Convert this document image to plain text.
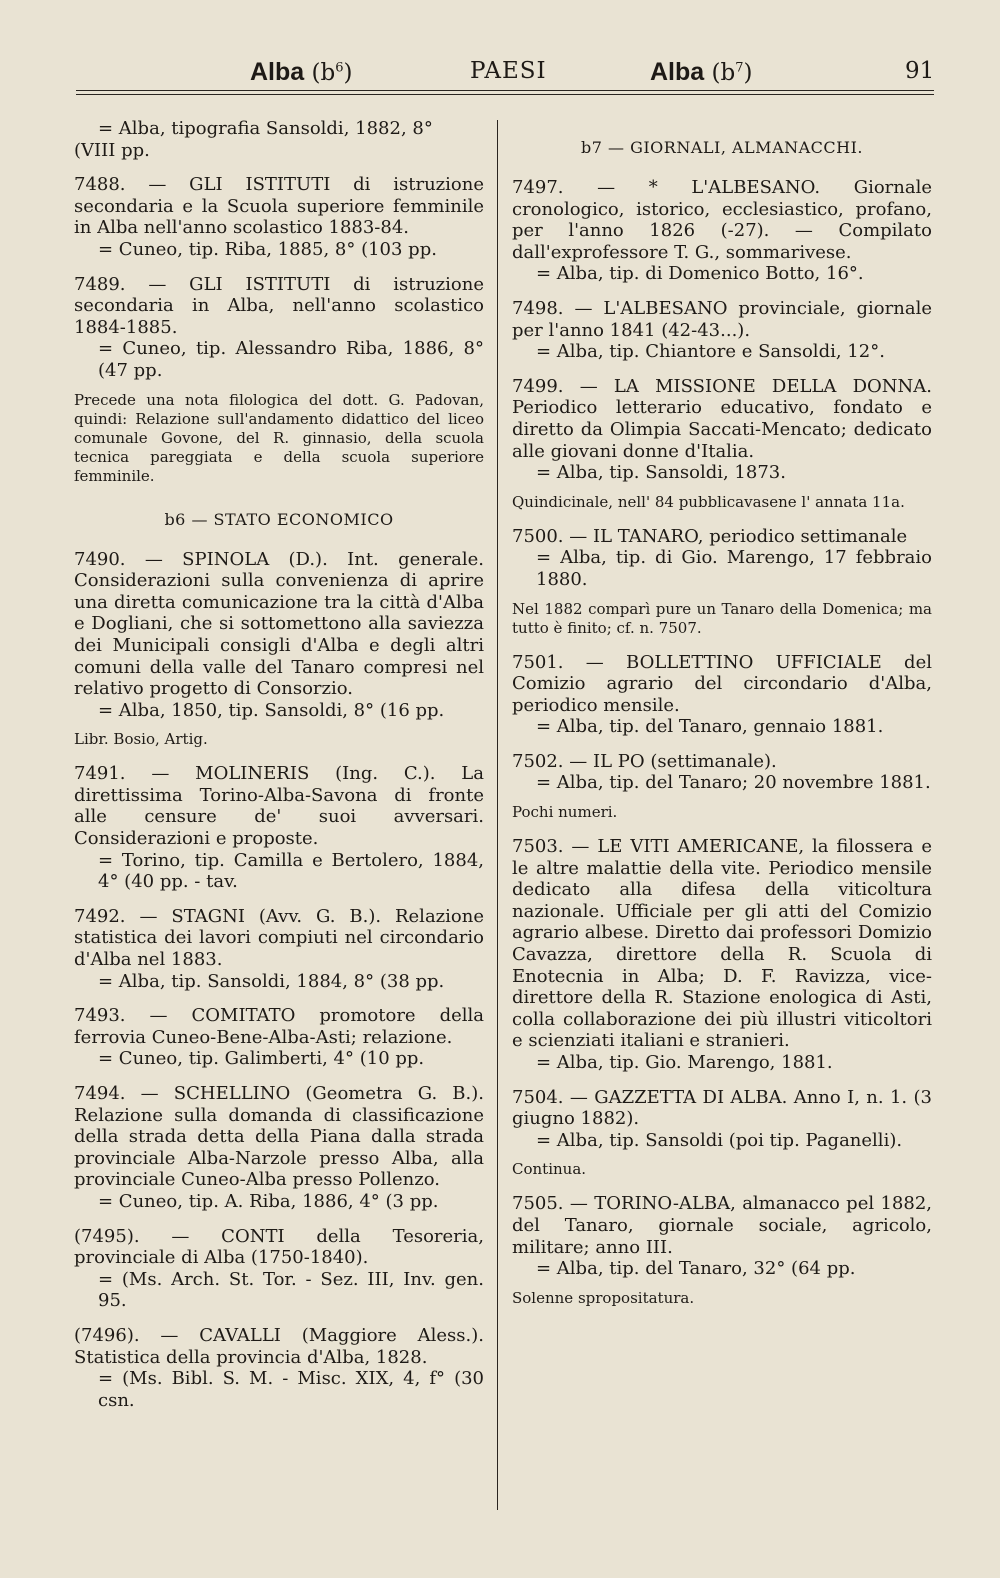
Alba $(b^6)$	PAESI	Alba $(b^7)$	91
= Alba, tipografia Sansoldi, 1882, 8°
(VIII pp.
7488. — GLI ISTITUTI di istruzione secondaria e la Scuola superiore femminile in Alba nell'anno scolastico 1883-84.
= Cuneo, tip. Riba, 1885, 8° (103 pp.
7489. — GLI ISTITUTI di istruzione secondaria in Alba, nell'anno scolastico 1884-1885.
= Cuneo, tip. Alessandro Riba, 1886, 8° (47 pp.
Precede una nota filologica del dott. G. Padovan, quindi: Relazione sull'andamento didattico del liceo comunale Govone, del R. ginnasio, della scuola tecnica pareggiata e della scuola superiore femminile.
b6 — STATO ECONOMICO
7490. — SPINOLA (D.). Int. generale. Considerazioni sulla convenienza di aprire una diretta comunicazione tra la città d'Alba e Dogliani, che si sottomettono alla saviezza dei Municipali consigli d'Alba e degli altri comuni della valle del Tanaro compresi nel relativo progetto di Consorzio.
= Alba, 1850, tip. Sansoldi, 8° (16 pp.
Libr. Bosio, Artig.
7491. — MOLINERIS (Ing. C.). La direttissima Torino-Alba-Savona di fronte alle censure de' suoi avversari. Considerazioni e proposte.
= Torino, tip. Camilla e Bertolero, 1884, 4° (40 pp. - tav.
7492. — STAGNI (Avv. G. B.). Relazione statistica dei lavori compiuti nel circondario d'Alba nel 1883.
= Alba, tip. Sansoldi, 1884, 8° (38 pp.
7493. — COMITATO promotore della ferrovia Cuneo-Bene-Alba-Asti; relazione.
= Cuneo, tip. Galimberti, 4° (10 pp.
7494. — SCHELLINO (Geometra G. B.). Relazione sulla domanda di classificazione della strada detta della Piana dalla strada provinciale Alba-Narzole presso Alba, alla provinciale Cuneo-Alba presso Pollenzo.
= Cuneo, tip. A. Riba, 1886, 4° (3 pp.
(7495). — CONTI della Tesoreria, provinciale di Alba (1750-1840).
= (Ms. Arch. St. Tor. - Sez. III, Inv. gen. 95.
(7496). — CAVALLI (Maggiore Aless.). Statistica della provincia d'Alba, 1828.
= (Ms. Bibl. S. M. - Misc. XIX, 4, f° (30 csn.
b7 — GIORNALI, ALMANACCHI.
7497. — * L'ALBESANO. Giornale cronologico, istorico, ecclesiastico, profano, per l'anno 1826 (-27). — Compilato dall'exprofessore T. G., sommarivese.
= Alba, tip. di Domenico Botto, 16°.
7498. — L'ALBESANO provinciale, giornale per l'anno 1841 (42-43...).
= Alba, tip. Chiantore e Sansoldi, 12°.
7499. — LA MISSIONE DELLA DONNA. Periodico letterario educativo, fondato e diretto da Olimpia Saccati-Mencato; dedicato alle giovani donne d'Italia.
= Alba, tip. Sansoldi, 1873.
Quindicinale, nell' 84 pubblicavasene l' annata 11a.
7500. — IL TANARO, periodico settimanale
= Alba, tip. di Gio. Marengo, 17 febbraio 1880.
Nel 1882 comparì pure un Tanaro della Domenica; ma tutto è finito; cf. n. 7507.
7501. — BOLLETTINO UFFICIALE del Comizio agrario del circondario d'Alba, periodico mensile.
= Alba, tip. del Tanaro, gennaio 1881.
7502. — IL PO (settimanale).
= Alba, tip. del Tanaro; 20 novembre 1881.
Pochi numeri.
7503. — LE VITI AMERICANE, la filossera e le altre malattie della vite. Periodico mensile dedicato alla difesa della viticoltura nazionale. Ufficiale per gli atti del Comizio agrario albese. Diretto dai professori Domizio Cavazza, direttore della R. Scuola di Enotecnia in Alba; D. F. Ravizza, vice-direttore della R. Stazione enologica di Asti, colla collaborazione dei più illustri viticoltori e scienziati italiani e stranieri.
= Alba, tip. Gio. Marengo, 1881.
7504. — GAZZETTA DI ALBA. Anno I, n. 1. (3 giugno 1882).
= Alba, tip. Sansoldi (poi tip. Paganelli).
Continua.
7505. — TORINO-ALBA, almanacco pel 1882, del Tanaro, giornale sociale, agricolo, militare; anno III.
= Alba, tip. del Tanaro, 32° (64 pp.
Solenne spropositatura.
